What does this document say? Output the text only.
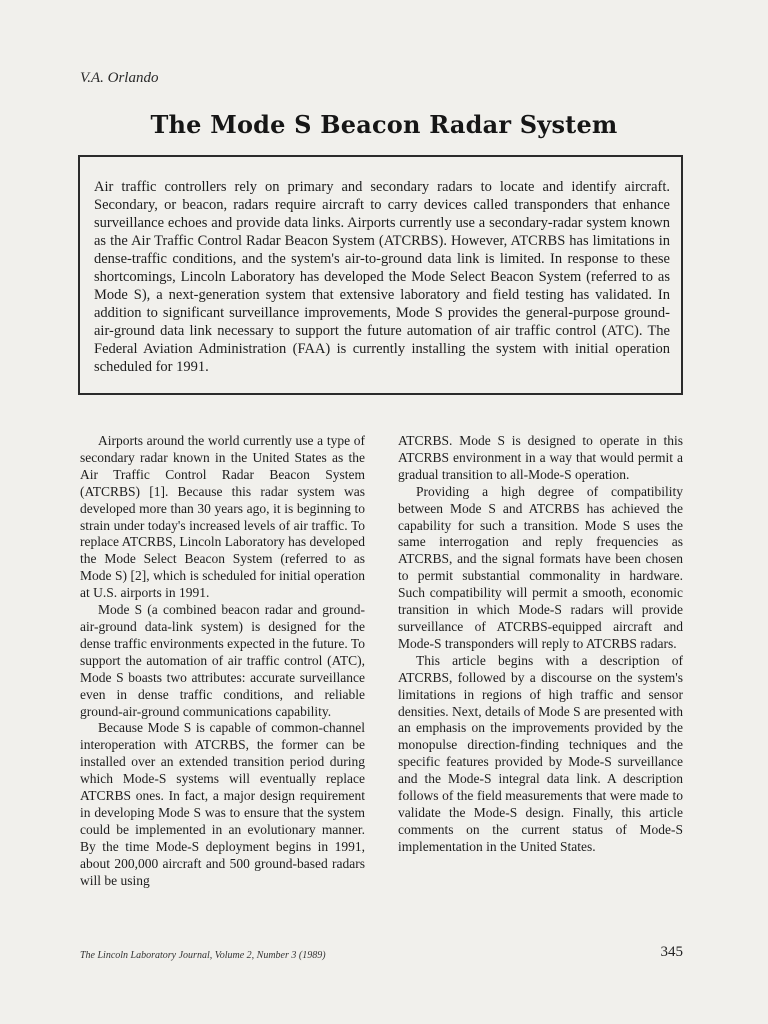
V.A. Orlando
The Mode S Beacon Radar System
Air traffic controllers rely on primary and secondary radars to locate and identify aircraft. Secondary, or beacon, radars require aircraft to carry devices called transponders that enhance surveillance echoes and provide data links. Airports currently use a secondary-radar system known as the Air Traffic Control Radar Beacon System (ATCRBS). However, ATCRBS has limitations in dense-traffic conditions, and the system's air-to-ground data link is limited. In response to these shortcomings, Lincoln Laboratory has developed the Mode Select Beacon System (referred to as Mode S), a next-generation system that extensive laboratory and field testing has validated. In addition to significant surveillance improvements, Mode S provides the general-purpose ground-air-ground data link necessary to support the future automation of air traffic control (ATC). The Federal Aviation Administration (FAA) is currently installing the system with initial operation scheduled for 1991.

Airports around the world currently use a type of secondary radar known in the United States as the Air Traffic Control Radar Beacon System (ATCRBS) [1]. Because this radar system was developed more than 30 years ago, it is beginning to strain under today's increased levels of air traffic. To replace ATCRBS, Lincoln Laboratory has developed the Mode Select Beacon System (referred to as Mode S) [2], which is scheduled for initial operation at U.S. airports in 1991.

Mode S (a combined beacon radar and ground-air-ground data-link system) is designed for the dense traffic environments expected in the future. To support the automation of air traffic control (ATC), Mode S boasts two attributes: accurate surveillance even in dense traffic conditions, and reliable ground-air-ground communications capability.

Because Mode S is capable of common-channel interoperation with ATCRBS, the former can be installed over an extended transition period during which Mode-S systems will eventually replace ATCRBS ones. In fact, a major design requirement in developing Mode S was to ensure that the system could be implemented in an evolutionary manner. By the time Mode-S deployment begins in 1991, about 200,000 aircraft and 500 ground-based radars will be using

ATCRBS. Mode S is designed to operate in this ATCRBS environment in a way that would permit a gradual transition to all-Mode-S operation.

Providing a high degree of compatibility between Mode S and ATCRBS has achieved the capability for such a transition. Mode S uses the same interrogation and reply frequencies as ATCRBS, and the signal formats have been chosen to permit substantial commonality in hardware. Such compatibility will permit a smooth, economic transition in which Mode-S radars will provide surveillance of ATCRBS-equipped aircraft and Mode-S transponders will reply to ATCRBS radars.

This article begins with a description of ATCRBS, followed by a discourse on the system's limitations in regions of high traffic and sensor densities. Next, details of Mode S are presented with an emphasis on the improvements provided by the monopulse direction-finding techniques and the specific features provided by Mode-S surveillance and the Mode-S integral data link. A description follows of the field measurements that were made to validate the Mode-S design. Finally, this article comments on the current status of Mode-S implementation in the United States.

The Lincoln Laboratory Journal, Volume 2, Number 3 (1989)	345
